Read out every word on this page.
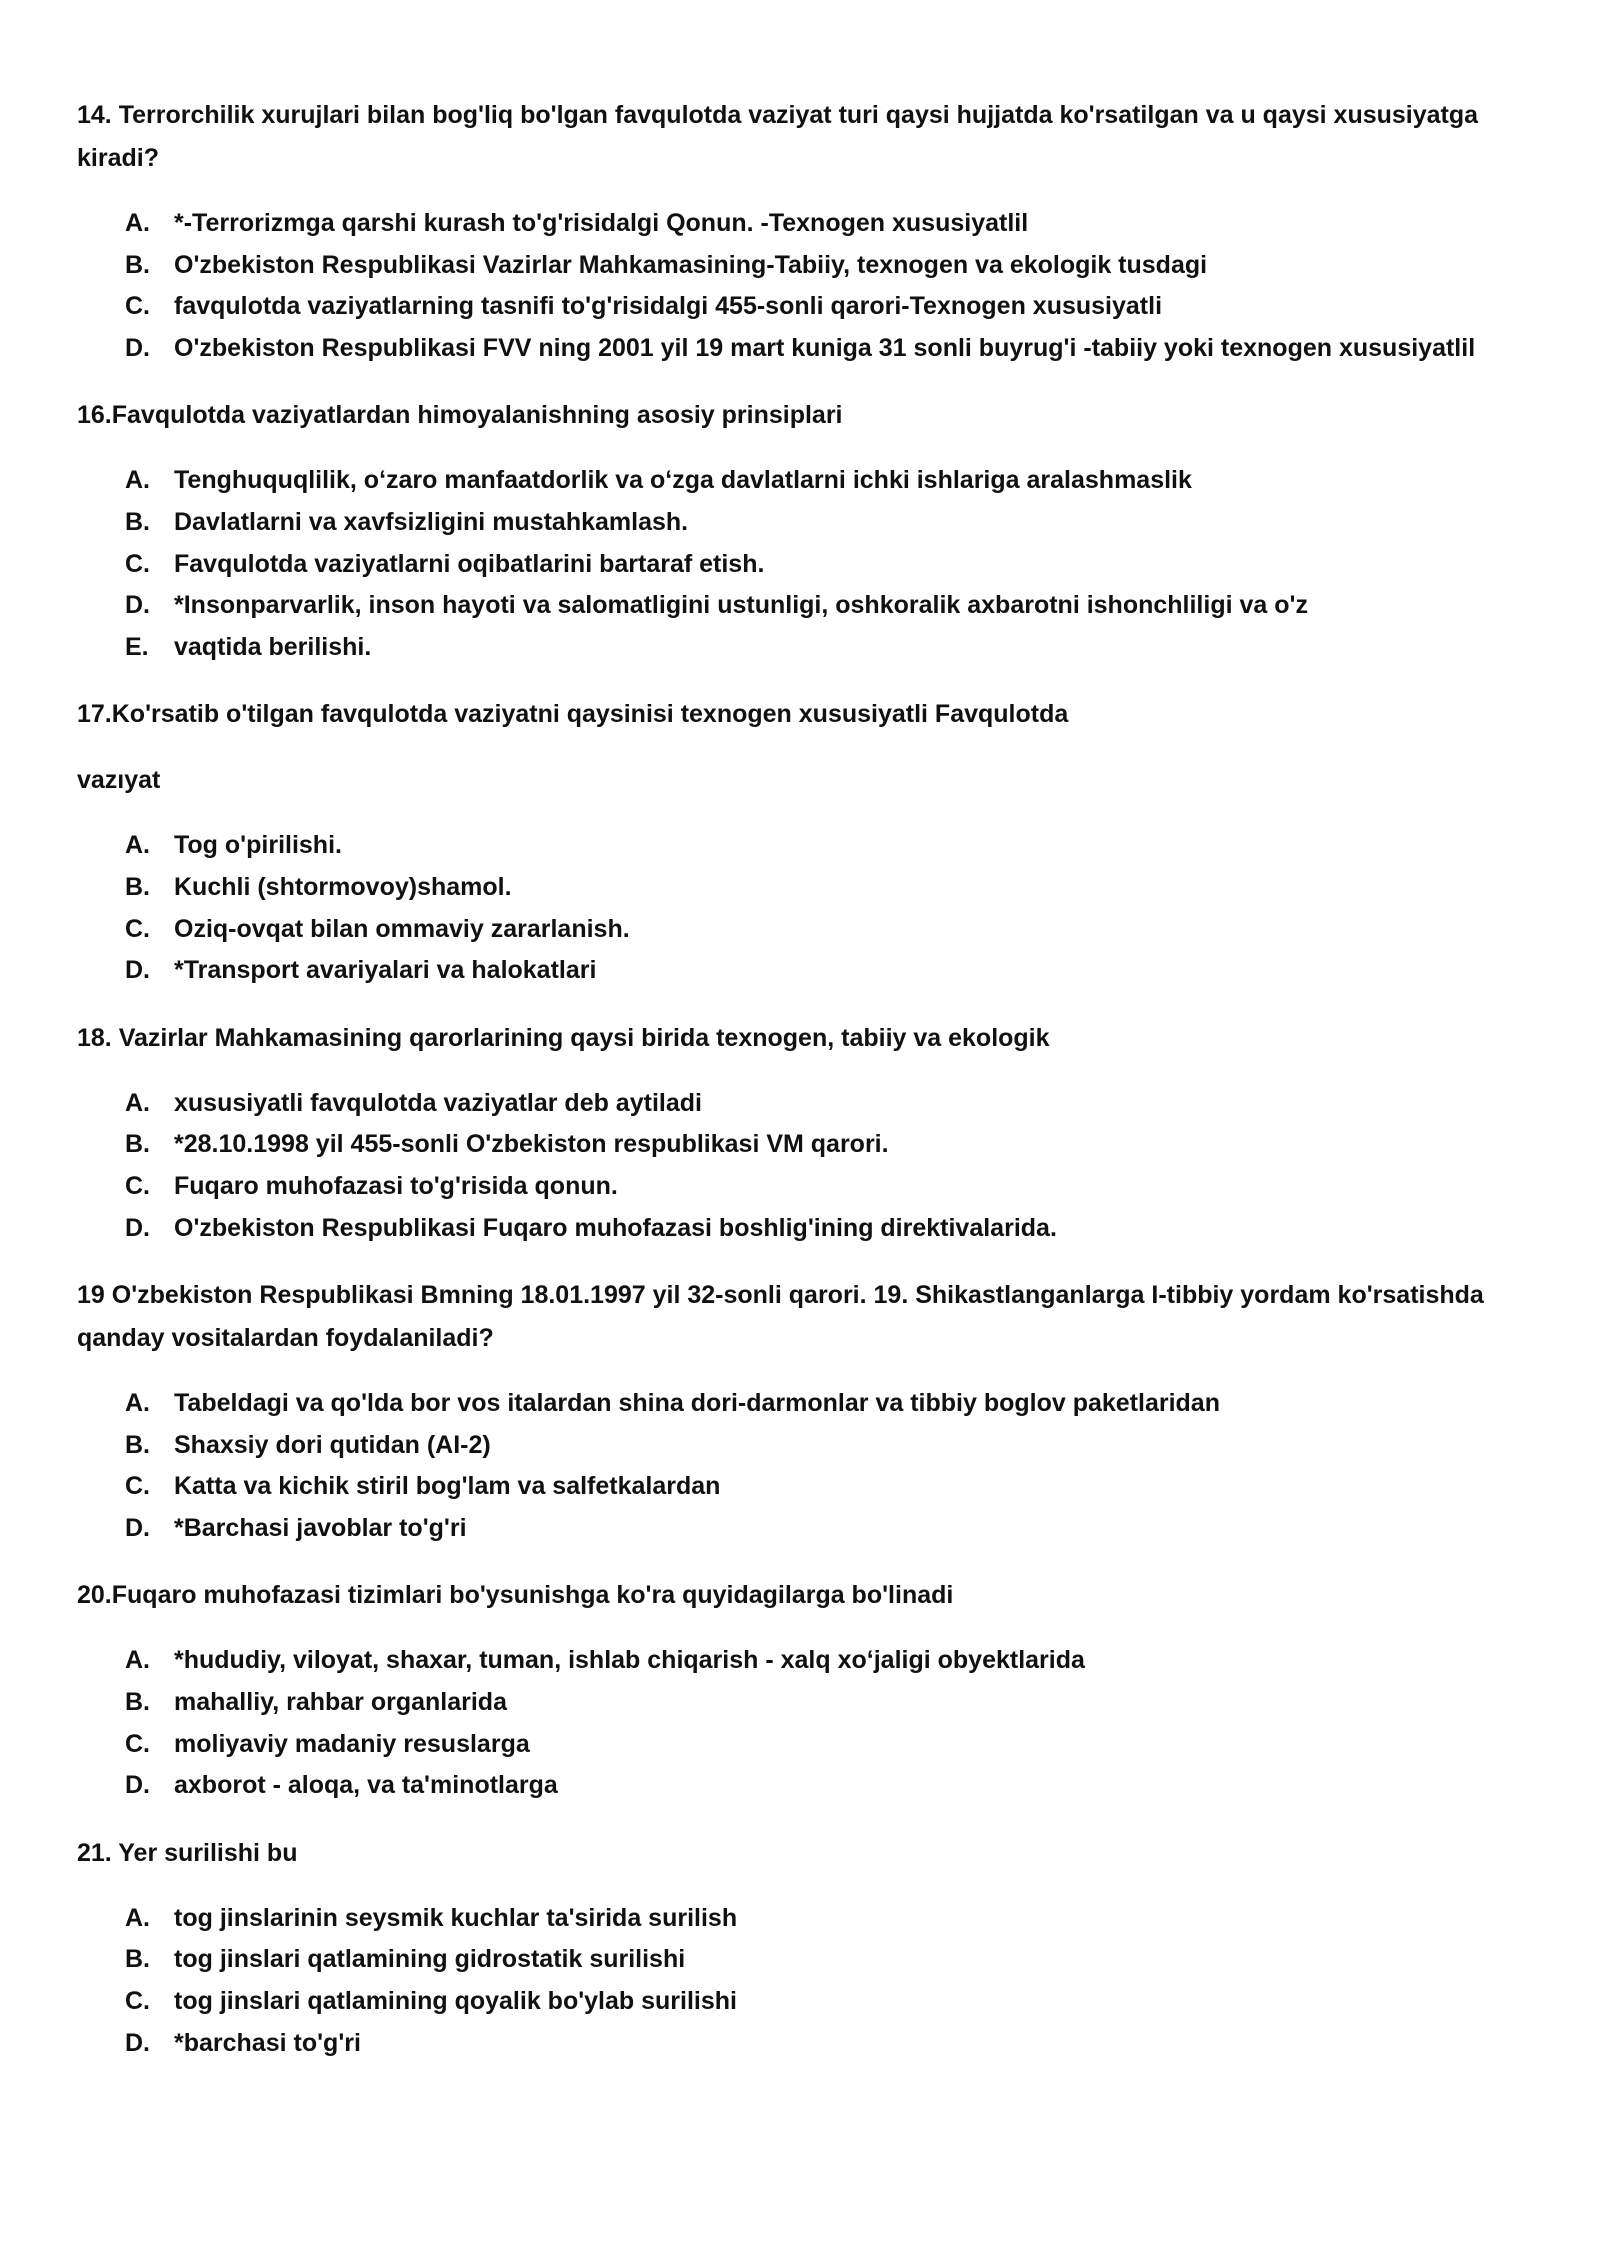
14. Terrorchilik xurujlari bilan bog'liq bo'lgan favqulotda vaziyat turi qaysi hujjatda ko'rsatilgan va u qaysi xususiyatga kiradi?

A. *-Terrorizmga qarshi kurash to'g'risidalgi Qonun. -Texnogen xususiyatlil
B. O'zbekiston Respublikasi Vazirlar Mahkamasining-Tabiiy, texnogen va ekologik tusdagi
C. favqulotda vaziyatlarning tasnifi to'g'risidalgi 455-sonli qarori-Texnogen xususiyatli
D. O'zbekiston Respublikasi FVV ning 2001 yil 19 mart kuniga 31 sonli buyrug'i -tabiiy yoki texnogen xususiyatlil

16.Favqulotda vaziyatlardan himoyalanishning asosiy prinsiplari

A. Tenghuquqlilik, o‘zaro manfaatdorlik va o‘zga davlatlarni ichki ishlariga aralashmaslik
B. Davlatlarni va xavfsizligini mustahkamlash.
C. Favqulotda vaziyatlarni oqibatlarini bartaraf etish.
D. *Insonparvarlik, inson hayoti va salomatligini ustunligi, oshkoralik axbarotni ishonchliligi va o'z
E.	vaqtida berilishi.

17.Ko'rsatib o'tilgan favqulotda vaziyatni qaysinisi texnogen xususiyatli Favqulotda

vazıyat

A. Tog o'pirilishi.
B. Kuchli (shtormovoy)shamol.
C. Oziq-ovqat bilan ommaviy zararlanish.
D. *Transport avariyalari va halokatlari

18. Vazirlar Mahkamasining qarorlarining qaysi birida texnogen, tabiiy va ekologik

A. xususiyatli favqulotda vaziyatlar deb aytiladi
B. *28.10.1998 yil 455-sonli O'zbekiston respublikasi VM qarori.
C. Fuqaro muhofazasi to'g'risida qonun.
D. O'zbekiston Respublikasi Fuqaro muhofazasi boshlig'ining direktivalarida.

19 O'zbekiston Respublikasi Bmning 18.01.1997 yil 32-sonli qarori. 19. Shikastlanganlarga I-tibbiy yordam ko'rsatishda qanday vositalardan foydalaniladi?

A. Tabeldagi va qo'lda bor vos italardan shina dori-darmonlar va tibbiy boglov paketlaridan
B. Shaxsiy dori qutidan (AI-2)
C. Katta va kichik stiril bog'lam va salfetkalardan
D. *Barchasi javoblar to'g'ri

20.Fuqaro muhofazasi tizimlari bo'ysunishga ko'ra quyidagilarga bo'linadi

A. *hududiy, viloyat, shaxar, tuman, ishlab chiqarish - xalq xo‘jaligi obyektlarida
B. mahalliy, rahbar organlarida
C. moliyaviy madaniy resuslarga
D. axborot - aloqa, va ta'minotlarga

21. Yer surilishi bu

A. tog jinslarinin seysmik kuchlar ta'sirida surilish
B. tog jinslari qatlamining gidrostatik surilishi
C. tog jinslari qatlamining qoyalik bo'ylab surilishi
D. *barchasi to'g'ri
